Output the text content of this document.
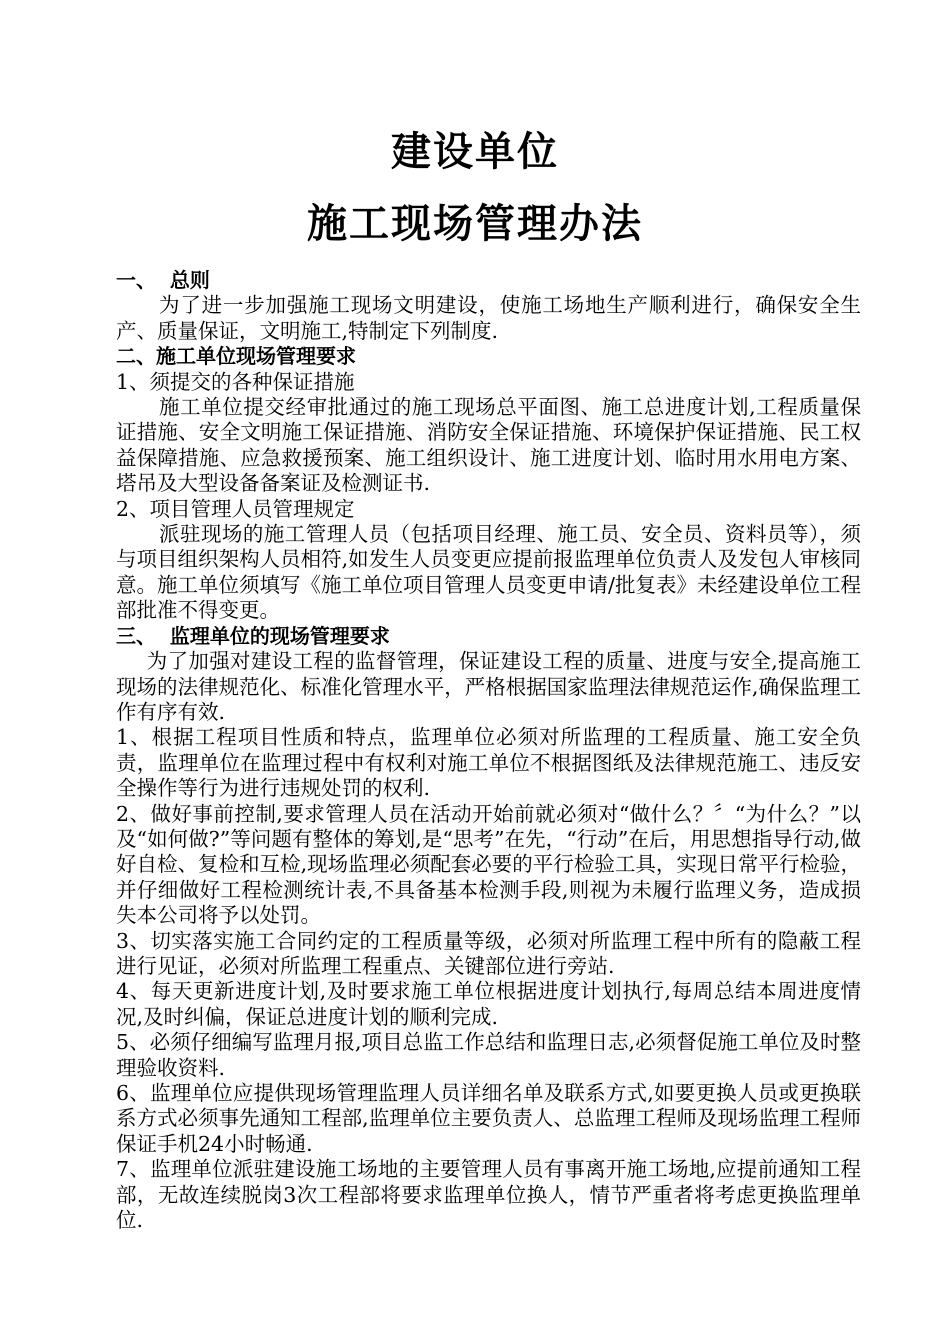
建设单位
施工现场管理办法

一、  总则

为了进一步加强施工现场文明建设，使施工场地生产顺利进行，确保安全生产、质量保证，文明施工,特制定下列制度.

二、施工单位现场管理要求

1、须提交的各种保证措施

施工单位提交经审批通过的施工现场总平面图、施工总进度计划,工程质量保证措施、安全文明施工保证措施、消防安全保证措施、环境保护保证措施、民工权益保障措施、应急救援预案、施工组织设计、施工进度计划、临时用水用电方案、塔吊及大型设备备案证及检测证书.

2、项目管理人员管理规定

派驻现场的施工管理人员（包括项目经理、施工员、安全员、资料员等），须与项目组织架构人员相符,如发生人员变更应提前报监理单位负责人及发包人审核同意。施工单位须填写《施工单位项目管理人员变更申请/批复表》未经建设单位工程部批准不得变更。

三、  监理单位的现场管理要求

为了加强对建设工程的监督管理，保证建设工程的质量、进度与安全,提高施工现场的法律规范化、标准化管理水平，严格根据国家监理法律规范运作,确保监理工作有序有效.

1、根据工程项目性质和特点，监理单位必须对所监理的工程质量、施工安全负责，监理单位在监理过程中有权利对施工单位不根据图纸及法律规范施工、违反安全操作等行为进行违规处罚的权利.

2、做好事前控制,要求管理人员在活动开始前就必须对“做什么？〞“为什么？”以及“如何做?”等问题有整体的筹划,是“思考”在先，“行动”在后，用思想指导行动,做好自检、复检和互检,现场监理必须配套必要的平行检验工具，实现日常平行检验，并仔细做好工程检测统计表,不具备基本检测手段,则视为未履行监理义务，造成损失本公司将予以处罚。

3、切实落实施工合同约定的工程质量等级，必须对所监理工程中所有的隐蔽工程进行见证，必须对所监理工程重点、关键部位进行旁站.

4、每天更新进度计划,及时要求施工单位根据进度计划执行,每周总结本周进度情况,及时纠偏，保证总进度计划的顺利完成.

5、必须仔细编写监理月报,项目总监工作总结和监理日志,必须督促施工单位及时整理验收资料.

6、监理单位应提供现场管理监理人员详细名单及联系方式,如要更换人员或更换联系方式必须事先通知工程部,监理单位主要负责人、总监理工程师及现场监理工程师保证手机24小时畅通.

7、监理单位派驻建设施工场地的主要管理人员有事离开施工场地,应提前通知工程部，无故连续脱岗3次工程部将要求监理单位换人，情节严重者将考虑更换监理单位.
